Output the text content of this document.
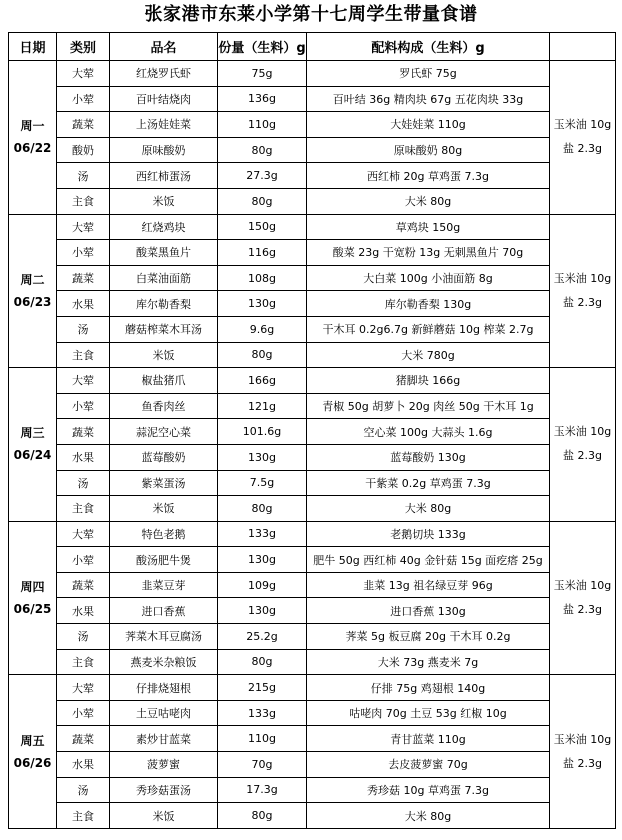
张家港市东莱小学第十七周学生带量食谱
日期	类别	品名	份量（生料）g	配料构成（生料）g	

周一
06/22	大荤	红烧罗氏虾	75g	罗氏虾 75g	玉米油 10g
盐 2.3g

	小荤	百叶结烧肉	136g	百叶结 36g 精肉块 67g 五花肉块 33g	
	蔬菜	上汤娃娃菜	110g	大娃娃菜 110g	
	酸奶	原味酸奶	80g	原味酸奶 80g	
	汤	西红柿蛋汤	27.3g	西红柿 20g 草鸡蛋 7.3g	
	主食	米饭	80g	大米 80g	

周二
06/23	大荤	红烧鸡块	150g	草鸡块 150g	玉米油 10g
盐 2.3g

	小荤	酸菜黑鱼片	116g	酸菜 23g 干宽粉 13g 无刺黑鱼片 70g	
	蔬菜	白菜油面筋	108g	大白菜 100g 小油面筋 8g	
	水果	库尔勒香梨	130g	库尔勒香梨 130g	
	汤	蘑菇榨菜木耳汤	9.6g	干木耳 0.2g6.7g 新鲜蘑菇 10g 榨菜 2.7g	
	主食	米饭	80g	大米 780g	

周三
06/24	大荤	椒盐猪爪	166g	猪脚块 166g	玉米油 10g
盐 2.3g

	小荤	鱼香肉丝	121g	青椒 50g 胡萝卜 20g 肉丝 50g 干木耳 1g	
	蔬菜	蒜泥空心菜	101.6g	空心菜 100g 大蒜头 1.6g	
	水果	蓝莓酸奶	130g	蓝莓酸奶 130g	
	汤	紫菜蛋汤	7.5g	干紫菜 0.2g 草鸡蛋 7.3g	
	主食	米饭	80g	大米 80g	

周四
06/25	大荤	特色老鹅	133g	老鹅切块 133g	玉米油 10g
盐 2.3g

	小荤	酸汤肥牛煲	130g	肥牛 50g 西红柿 40g 金针菇 15g 面疙瘩 25g	
	蔬菜	韭菜豆芽	109g	韭菜 13g 祖名绿豆芽 96g	
	水果	进口香蕉	130g	进口香蕉 130g	
	汤	荠菜木耳豆腐汤	25.2g	荠菜 5g 板豆腐 20g 干木耳 0.2g	
	主食	燕麦米杂粮饭	80g	大米 73g 燕麦米 7g	

周五
06/26	大荤	仔排烧翅根	215g	仔排 75g 鸡翅根 140g	玉米油 10g
盐 2.3g

	小荤	土豆咕咾肉	133g	咕咾肉 70g 土豆 53g 红椒 10g	
	蔬菜	素炒甘蓝菜	110g	青甘蓝菜 110g	
	水果	菠萝蜜	70g	去皮菠萝蜜 70g	
	汤	秀珍菇蛋汤	17.3g	秀珍菇 10g 草鸡蛋 7.3g	
	主食	米饭	80g	大米 80g	
